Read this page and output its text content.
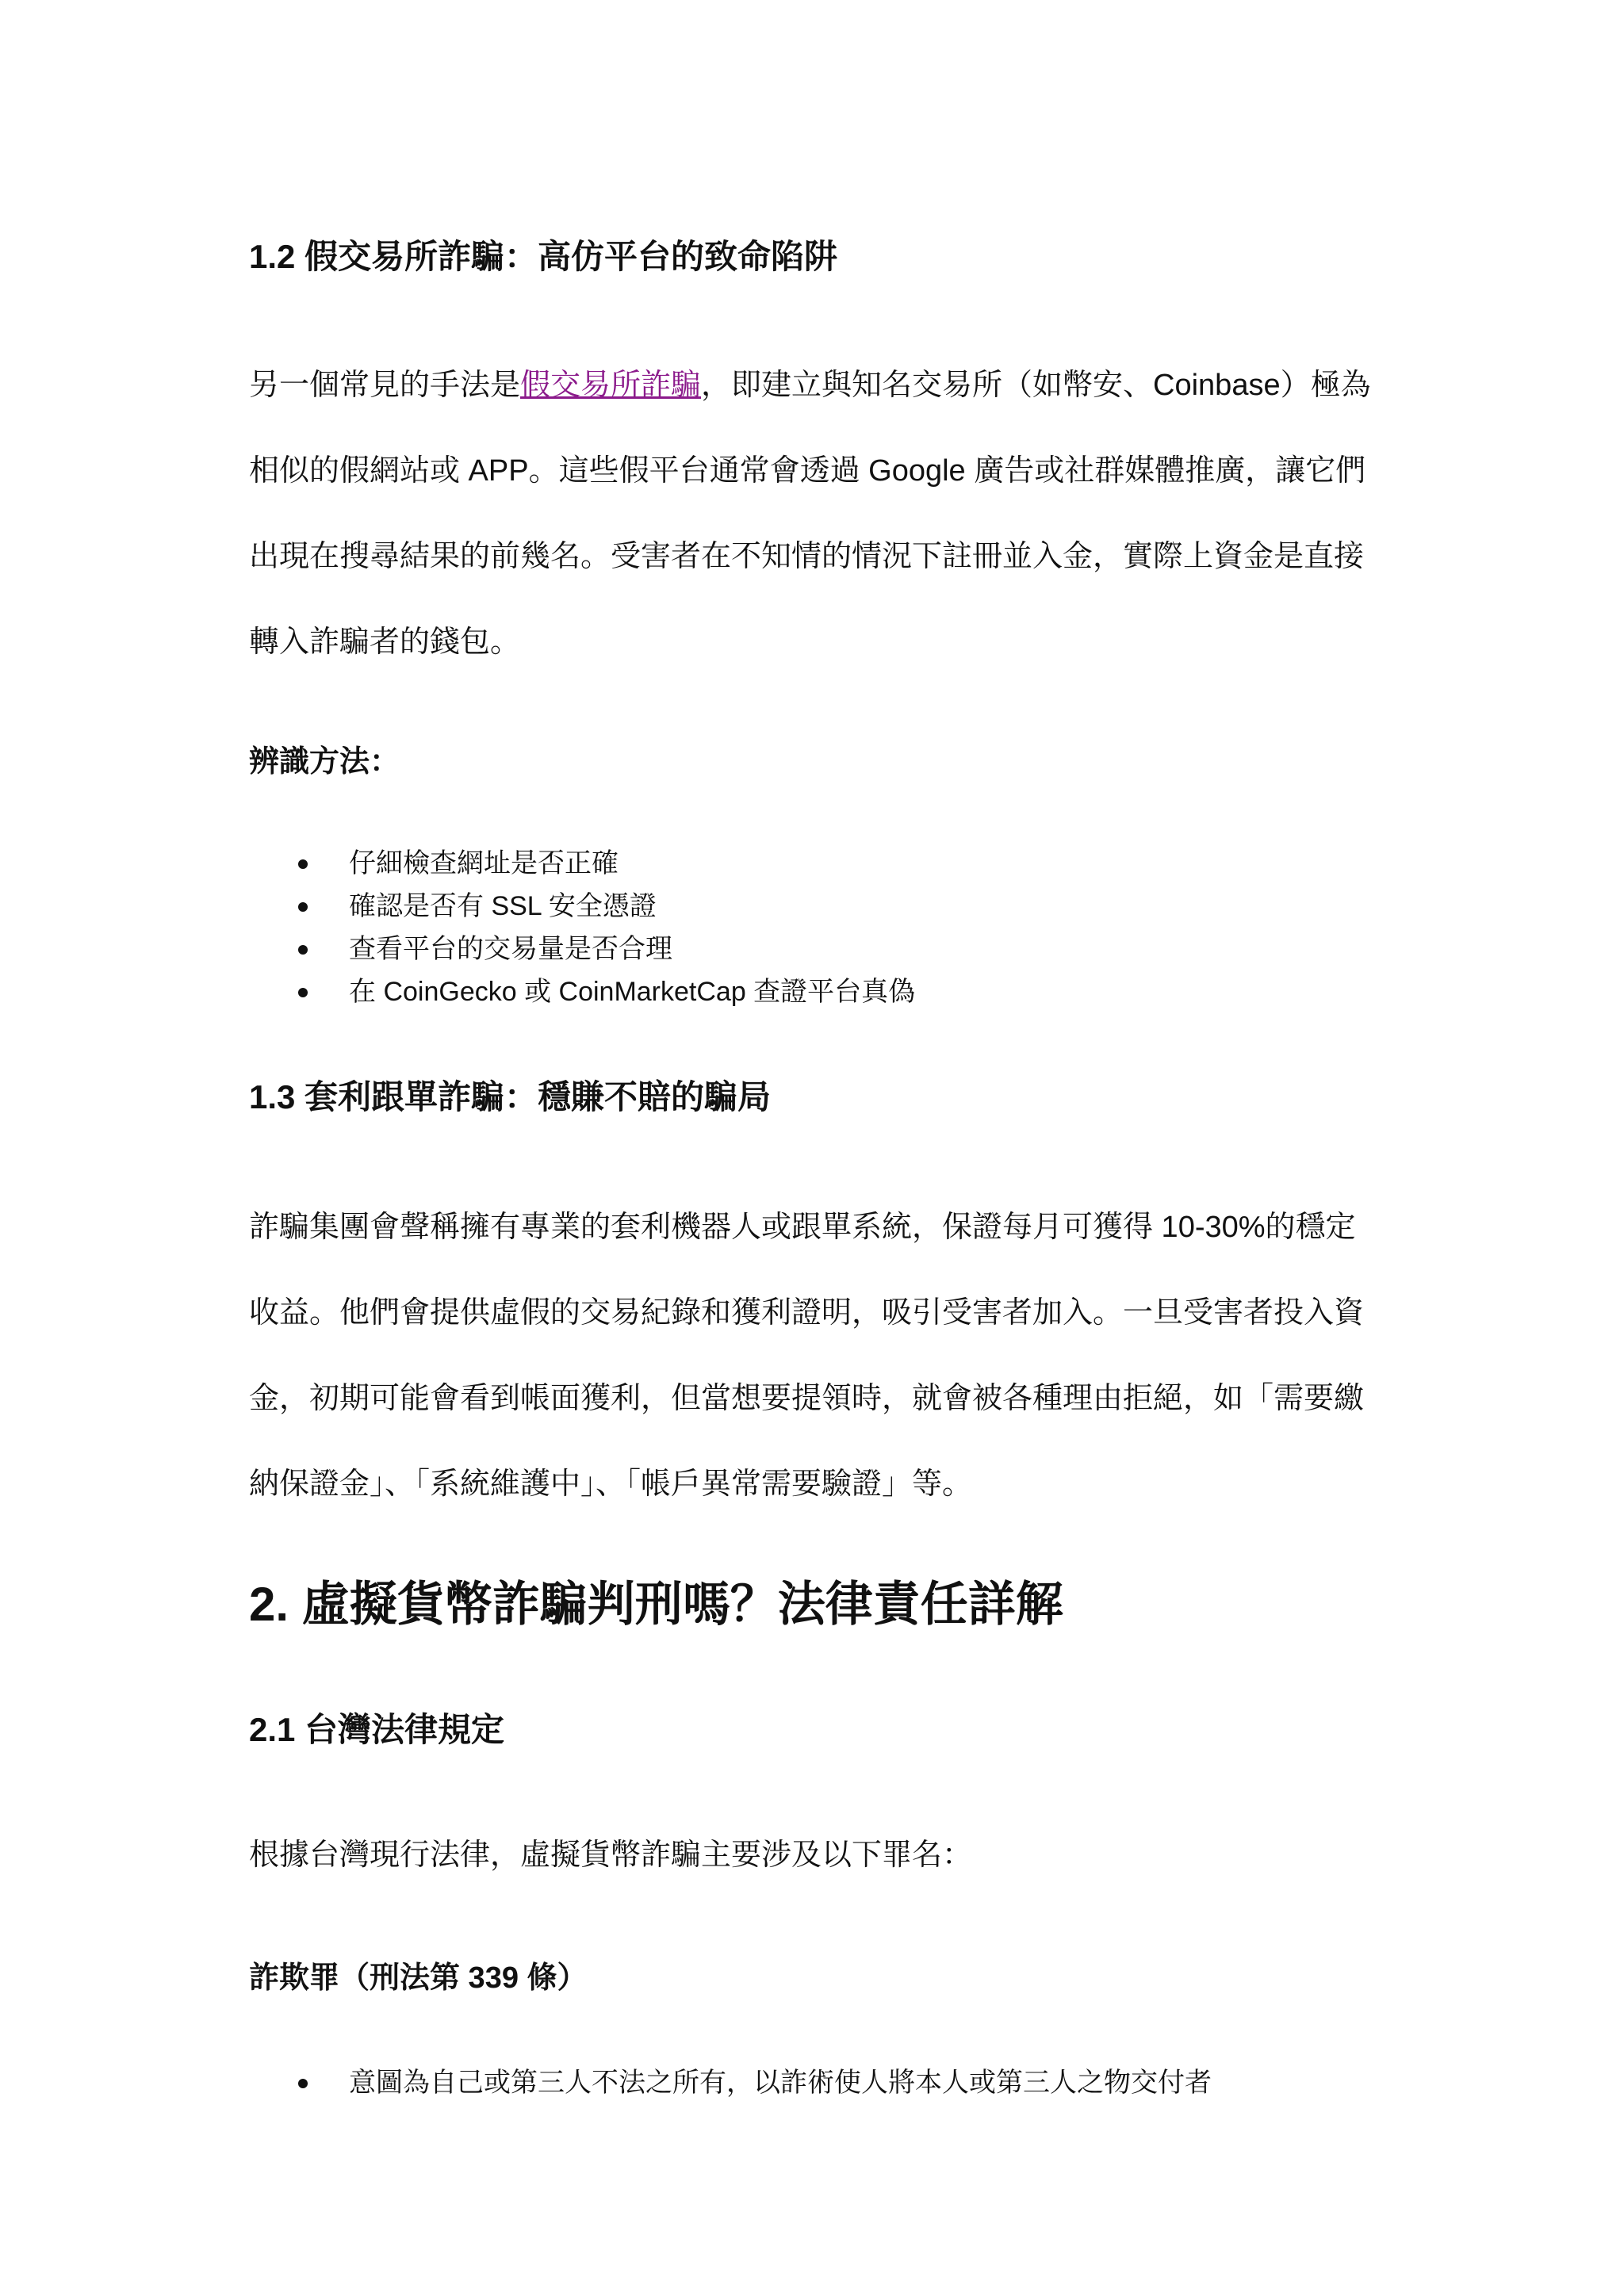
1.2 假交易所詐騙：高仿平台的致命陷阱

另一個常見的手法是假交易所詐騙，即建立與知名交易所（如幣安、Coinbase）極為相似的假網站或 APP。這些假平台通常會透過 Google 廣告或社群媒體推廣，讓它們出現在搜尋結果的前幾名。受害者在不知情的情況下註冊並入金，實際上資金是直接轉入詐騙者的錢包。

辨識方法：
仔細檢查網址是否正確
確認是否有 SSL 安全憑證
查看平台的交易量是否合理
在 CoinGecko 或 CoinMarketCap 查證平台真偽
1.3 套利跟單詐騙：穩賺不賠的騙局

詐騙集團會聲稱擁有專業的套利機器人或跟單系統，保證每月可獲得 10-30%的穩定收益。他們會提供虛假的交易紀錄和獲利證明，吸引受害者加入。一旦受害者投入資金，初期可能會看到帳面獲利，但當想要提領時，就會被各種理由拒絕，如「需要繳納保證金」、「系統維護中」、「帳戶異常需要驗證」等。

2. 虛擬貨幣詐騙判刑嗎？法律責任詳解
2.1 台灣法律規定

根據台灣現行法律，虛擬貨幣詐騙主要涉及以下罪名：

詐欺罪（刑法第 339 條）
意圖為自己或第三人不法之所有，以詐術使人將本人或第三人之物交付者
